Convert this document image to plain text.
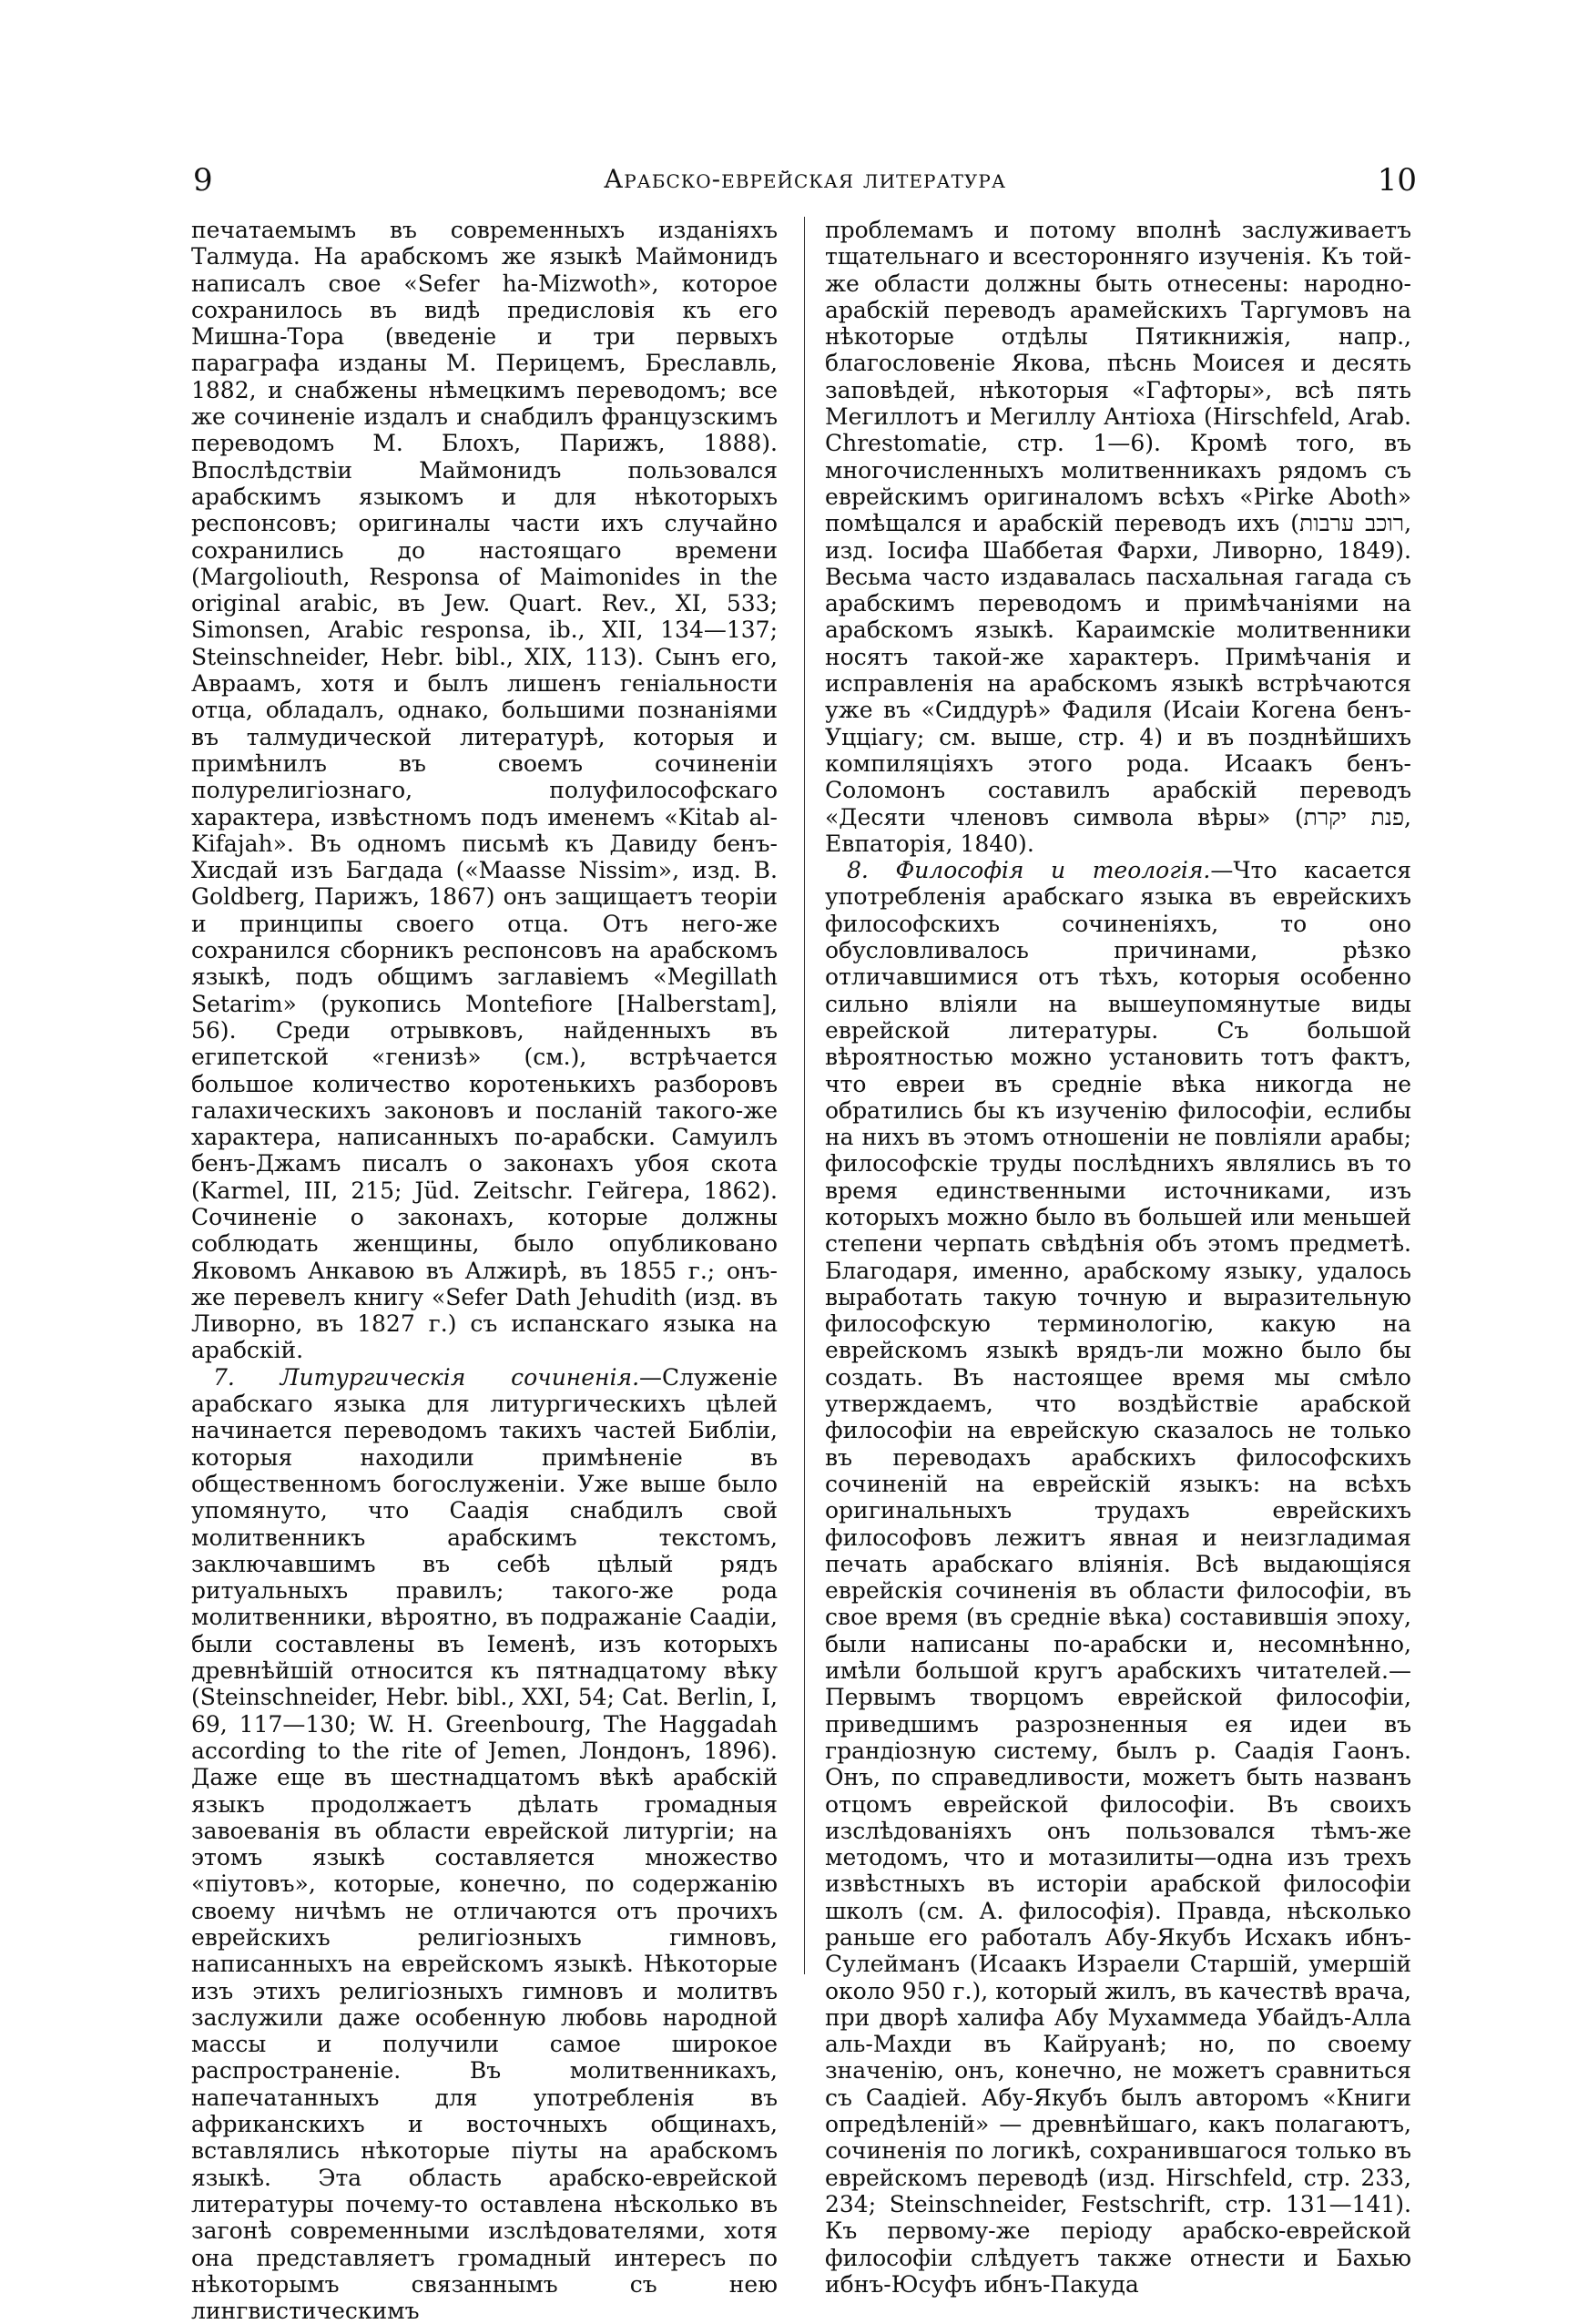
9	Арабско-еврейская литература	10

печатаемымъ въ современныхъ изданіяхъ Талмуда. На арабскомъ же языкѣ Маймонидъ написалъ свое «Sefer ha-Mizwoth», которое сохранилось въ видѣ предисловія къ его Мишна-Тора (введеніе и три первыхъ параграфа изданы М. Перицемъ, Бреславль, 1882, и снабжены нѣмецкимъ переводомъ; все же сочиненіе издалъ и снабдилъ французскимъ переводомъ М. Блохъ, Парижъ, 1888). Впослѣдствіи Маймонидъ пользовался арабскимъ языкомъ и для нѣкоторыхъ респонсовъ; оригиналы части ихъ случайно сохранились до настоящаго времени (Margoliouth, Responsa of Maimonides in the original arabic, въ Jew. Quart. Rev., XI, 533; Simonsen, Arabic responsa, ib., XII, 134—137; Steinschneider, Hebr. bibl., XIX, 113). Сынъ его, Авраамъ, хотя и былъ лишенъ геніальности отца, обладалъ, однако, большими познаніями въ талмудической литературѣ, которыя и примѣнилъ въ своемъ сочиненіи полурелигіознаго, полуфилософскаго характера, извѣстномъ подъ именемъ «Kitab al-Kifajah». Въ одномъ письмѣ къ Давиду бенъ-Хисдай изъ Багдада («Maasse Nissim», изд. В. Goldberg, Парижъ, 1867) онъ защищаетъ теоріи и принципы своего отца. Отъ него-же сохранился сборникъ респонсовъ на арабскомъ языкѣ, подъ общимъ заглавіемъ «Megillath Setarim» (рукопись Montefiore [Halberstam], 56). Среди отрывковъ, найденныхъ въ египетской «генизѣ» (см.), встрѣчается большое количество коротенькихъ разборовъ галахическихъ законовъ и посланій такого-же характера, написанныхъ по-арабски. Самуилъ бенъ-Джамъ писалъ о законахъ убоя скота (Karmel, III, 215; Jüd. Zeitschr. Гейгера, 1862). Сочиненіе о законахъ, которые должны соблюдать женщины, было опубликовано Яковомъ Анкавою въ Алжирѣ, въ 1855 г.; онъ-же перевелъ книгу «Sefer Dath Jehudith (изд. въ Ливорно, въ 1827 г.) съ испанскаго языка на арабскій.

7. Литургическія сочиненія.—Служеніе арабскаго языка для литургическихъ цѣлей начинается переводомъ такихъ частей Библіи, которыя находили примѣненіе въ общественномъ богослуженіи. Уже выше было упомянуто, что Саадія снабдилъ свой молитвенникъ арабскимъ текстомъ, заключавшимъ въ себѣ цѣлый рядъ ритуальныхъ правилъ; такого-же рода молитвенники, вѣроятно, въ подражаніе Саадіи, были составлены въ Іеменѣ, изъ которыхъ древнѣйшій относится къ пятнадцатому вѣку (Steinschneider, Hebr. bibl., XXI, 54; Cat. Berlin, I, 69, 117—130; W. H. Greenbourg, The Haggadah according to the rite of Jemen, Лондонъ, 1896). Даже еще въ шестнадцатомъ вѣкѣ арабскій языкъ продолжаетъ дѣлать громадныя завоеванія въ области еврейской литургіи; на этомъ языкѣ составляется множество «піутовъ», которые, конечно, по содержанію своему ничѣмъ не отличаются отъ прочихъ еврейскихъ религіозныхъ гимновъ, написанныхъ на еврейскомъ языкѣ. Нѣкоторые изъ этихъ религіозныхъ гимновъ и молитвъ заслужили даже особенную любовь народной массы и получили самое широкое распространеніе. Въ молитвенникахъ, напечатанныхъ для употребленія въ африканскихъ и восточныхъ общинахъ, вставлялись нѣкоторые піуты на арабскомъ языкѣ. Эта область арабско-еврейской литературы почему-то оставлена нѣсколько въ загонѣ современными изслѣдователями, хотя она представляетъ громадный интересъ по нѣкоторымъ связаннымъ съ нею лингвистическимъ

проблемамъ и потому вполнѣ заслуживаетъ тщательнаго и всесторонняго изученія. Къ той-же области должны быть отнесены: народно-арабскій переводъ арамейскихъ Таргумовъ на нѣкоторые отдѣлы Пятикнижія, напр., благословеніе Якова, пѣснь Моисея и десять заповѣдей, нѣкоторыя «Гафторы», всѣ пять Мегиллотъ и Мегиллу Антіоха (Hirschfeld, Arab. Chrestomatie, стр. 1—6). Кромѣ того, въ многочисленныхъ молитвенникахъ рядомъ съ еврейскимъ оригиналомъ всѣхъ «Pirke Aboth» помѣщался и арабскій переводъ ихъ (רוכב ערבות, изд. Іосифа Шаббетая Фархи, Ливорно, 1849). Весьма часто издавалась пасхальная гагада съ арабскимъ переводомъ и примѣчаніями на арабскомъ языкѣ. Караимскіе молитвенники носятъ такой-же характеръ. Примѣчанія и исправленія на арабскомъ языкѣ встрѣчаются уже въ «Сиддурѣ» Фадиля (Исаіи Когена бенъ-Уцціагу; см. выше, стр. 4) и въ позднѣйшихъ компиляціяхъ этого рода. Исаакъ бенъ-Соломонъ составилъ арабскій переводъ «Десяти членовъ символа вѣры» (פנת יקרת, Евпаторія, 1840).

8. Философія и теологія.—Что касается употребленія арабскаго языка въ еврейскихъ философскихъ сочиненіяхъ, то оно обусловливалось причинами, рѣзко отличавшимися отъ тѣхъ, которыя особенно сильно вліяли на вышеупомянутые виды еврейской литературы. Съ большой вѣроятностью можно установить тотъ фактъ, что евреи въ средніе вѣка никогда не обратились бы къ изученію философіи, еслибы на нихъ въ этомъ отношеніи не повліяли арабы; философскіе труды послѣднихъ являлись въ то время единственными источниками, изъ которыхъ можно было въ большей или меньшей степени черпать свѣдѣнія объ этомъ предметѣ. Благодаря, именно, арабскому языку, удалось выработать такую точную и выразительную философскую терминологію, какую на еврейскомъ языкѣ врядъ-ли можно было бы создать. Въ настоящее время мы смѣло утверждаемъ, что воздѣйствіе арабской философіи на еврейскую сказалось не только въ переводахъ арабскихъ философскихъ сочиненій на еврейскій языкъ: на всѣхъ оригинальныхъ трудахъ еврейскихъ философовъ лежитъ явная и неизгладимая печать арабскаго вліянія. Всѣ выдающіяся еврейскія сочиненія въ области философіи, въ свое время (въ средніе вѣка) составившія эпоху, были написаны по-арабски и, несомнѣнно, имѣли большой кругъ арабскихъ читателей.—Первымъ творцомъ еврейской философіи, приведшимъ разрозненныя ея идеи въ грандіозную систему, былъ р. Саадія Гаонъ. Онъ, по справедливости, можетъ быть названъ отцомъ еврейской философіи. Въ своихъ изслѣдованіяхъ онъ пользовался тѣмъ-же методомъ, что и мотазилиты—одна изъ трехъ извѣстныхъ въ исторіи арабской философіи школъ (см. А. философія). Правда, нѣсколько раньше его работалъ Абу-Якубъ Исхакъ ибнъ-Сулейманъ (Исаакъ Израели Старшій, умершій около 950 г.), который жилъ, въ качествѣ врача, при дворѣ халифа Абу Мухаммеда Убайдъ-Алла аль-Махди въ Кайруанѣ; но, по своему значенію, онъ, конечно, не можетъ сравниться съ Саадіей. Абу-Якубъ былъ авторомъ «Книги опредѣленій» — древнѣйшаго, какъ полагаютъ, сочиненія по логикѣ, сохранившагося только въ еврейскомъ переводѣ (изд. Hirschfeld, стр. 233, 234; Steinschneider, Festschrift, стр. 131—141). Къ первому-же періоду арабско-еврейской философіи слѣдуетъ также отнести и Бахью ибнъ-Юсуфъ ибнъ-Пакуда
